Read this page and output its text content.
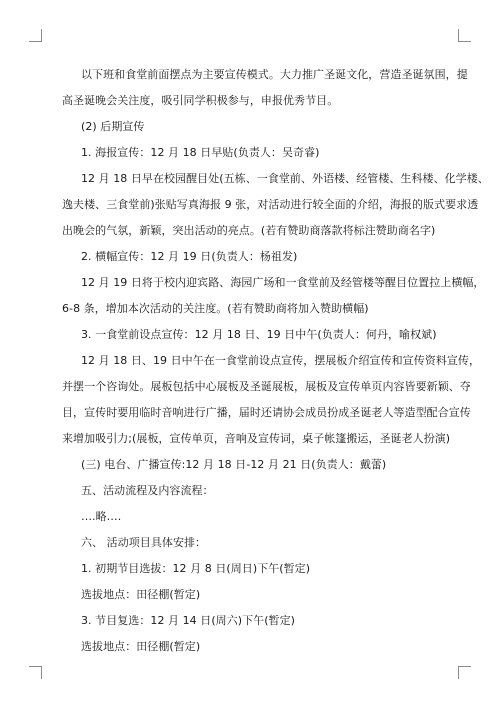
以下班和食堂前面摆点为主要宣传模式。大力推广圣诞文化，营造圣诞氛围，提
高圣诞晚会关注度，吸引同学积极参与，申报优秀节目。
(2) 后期宣传
1. 海报宣传：12 月 18 日早贴(负责人：吴奇睿)
12 月 18 日早在校园醒目处(五栋、一食堂前、外语楼、经管楼、生科楼、化学楼、
逸夫楼、三食堂前)张贴写真海报 9 张，对活动进行较全面的介绍，海报的版式要求透
出晚会的气氛，新颖，突出活动的亮点。(若有赞助商落款将标注赞助商名字)
2. 横幅宣传：12 月 19 日(负责人：杨祖发)
12 月 19 日将于校内迎宾路、海园广场和一食堂前及经管楼等醒目位置拉上横幅，
6-8 条，增加本次活动的关注度。(若有赞助商将加入赞助横幅)
3. 一食堂前设点宣传：12 月 18 日、19 日中午(负责人：何丹，喻权斌)
12 月 18 日、19 日中午在一食堂前设点宣传，摆展板介绍宣传和宣传资料宣传，
并摆一个咨询处。展板包括中心展板及圣诞展板，展板及宣传单页内容皆要新颖、夺
目，宣传时要用临时音响进行广播，届时还请协会成员扮成圣诞老人等造型配合宣传
来增加吸引力;(展板，宣传单页，音响及宣传词，桌子帐篷搬运，圣诞老人扮演)
(三) 电台、广播宣传:12 月 18 日-12 月 21 日(负责人：戴蕾)
五、活动流程及内容流程：
….略….
六、 活动项目具体安排：
1. 初期节目选拔：12 月 8 日(周日)下午(暂定)
选拔地点：田径棚(暂定)
3. 节目复选：12 月 14 日(周六)下午(暂定)
选拔地点：田径棚(暂定)
